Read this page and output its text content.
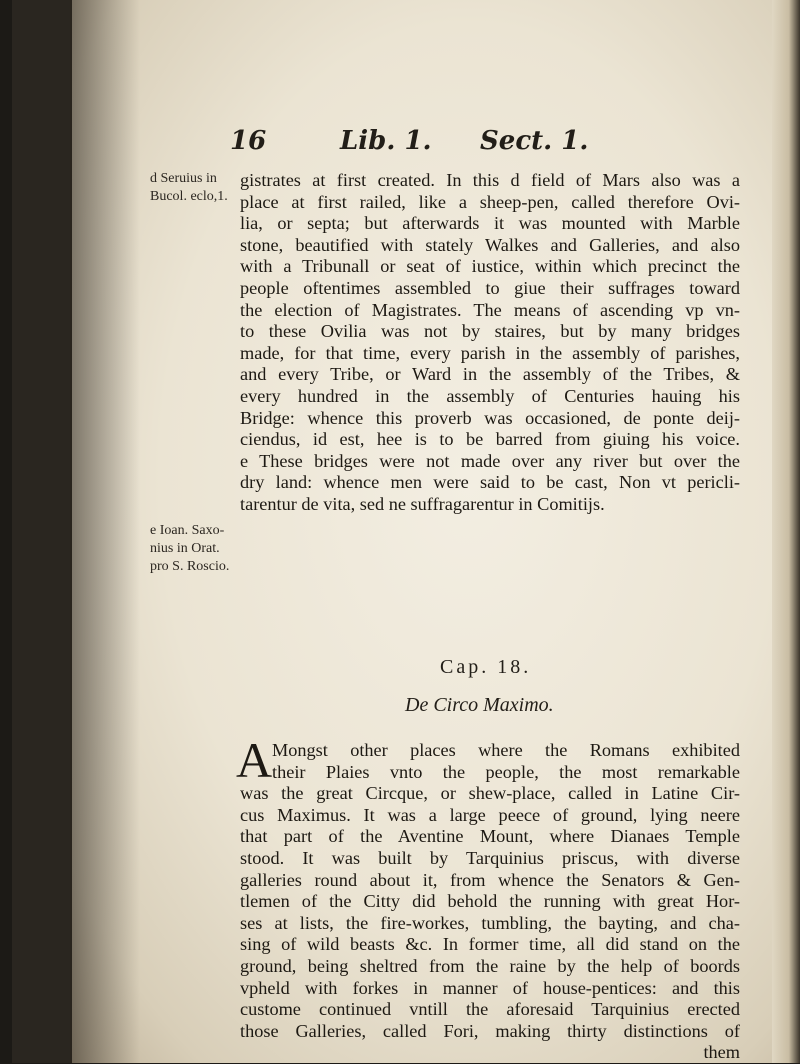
16	Lib. 1. Sect. 1.
d Seruius in
Bucol. eclo,1.
e Ioan. Saxo-
nius in Orat.
pro S. Roscio.
gistrates at first created. In this d field of Mars also was a
place at first railed, like a sheep-pen, called therefore Ovi-
lia, or septa; but afterwards it was mounted with Marble
stone, beautified with stately Walkes and Galleries, and also
with a Tribunall or seat of iustice, within which precinct the
people oftentimes assembled to giue their suffrages toward
the election of Magistrates. The means of ascending vp vn-
to these Ovilia was not by staires, but by many bridges
made, for that time, every parish in the assembly of parishes,
and every Tribe, or Ward in the assembly of the Tribes, &
every hundred in the assembly of Centuries hauing his
Bridge: whence this proverb was occasioned, de ponte deij-
ciendus, id est, hee is to be barred from giuing his voice.
e These bridges were not made over any river but over the
dry land: whence men were said to be cast, Non vt pericli-
tarentur de vita, sed ne suffragarentur in Comitijs.
Cap. 18.
De Circo Maximo.
A Mongst other places where the Romans exhibited
their Plaies vnto the people, the most remarkable
was the great Circque, or shew-place, called in Latine Cir-
cus Maximus. It was a large peece of ground, lying neere
that part of the Aventine Mount, where Dianaes Temple
stood. It was built by Tarquinius priscus, with diverse
galleries round about it, from whence the Senators & Gen-
tlemen of the Citty did behold the running with great Hor-
ses at lists, the fire-workes, tumbling, the bayting, and cha-
sing of wild beasts &c. In former time, all did stand on the
ground, being sheltred from the raine by the help of boords
vpheld with forkes in manner of house-pentices: and this
custome continued vntill the aforesaid Tarquinius erected
those Galleries, called Fori, making thirty distinctions of
them
